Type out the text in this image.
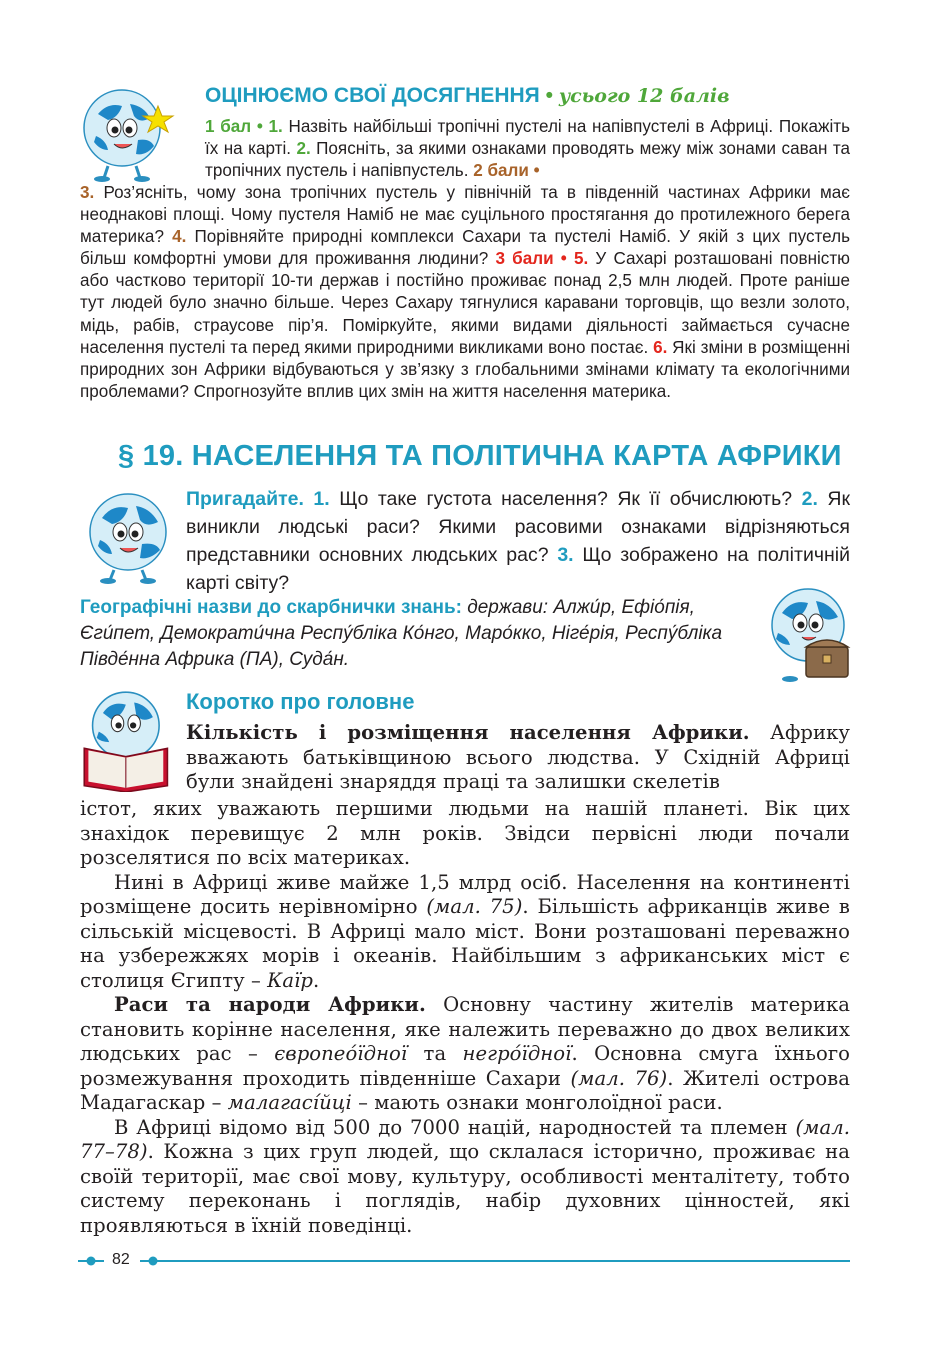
ОЦІНЮЄМО СВОЇ ДОСЯГНЕННЯ • усього 12 балів
1 бал • 1. Назвіть найбільші тропічні пустелі на напівпустелі в Африці. Покажіть їх на карті. 2. Поясніть, за якими ознаками проводять межу між зонами саван та тропічних пустель і напівпустель. 2 бали •
3. Роз’ясніть, чому зона тропічних пустель у північній та в південній частинах Африки має неоднакові площі. Чому пустеля Наміб не має суцільного простягання до протилежного берега материка? 4. Порівняйте природні комплекси Сахари та пустелі Наміб. У якій з цих пустель більш комфортні умови для проживання людини? 3 бали • 5. У Сахарі розташовані повністю або частково території 10-ти держав і постійно проживає понад 2,5 млн людей. Проте раніше тут людей було значно більше. Через Сахару тягнулися каравани торговців, що везли золото, мідь, рабів, страусове пір’я. Поміркуйте, якими видами діяльності займається сучасне населення пустелі та перед якими природними викликами воно постає. 6. Які зміни в розміщенні природних зон Африки відбуваються у зв’язку з глобальними змінами клімату та екологічними проблемами? Спрогнозуйте вплив цих змін на життя населення материка.
§ 19. НАСЕЛЕННЯ ТА ПОЛІТИЧНА КАРТА АФРИКИ
Пригадайте. 1. Що таке густота населення? Як її обчислюють? 2. Як виникли людські раси? Якими расовими ознаками відрізняються представники основних людських рас? 3. Що зображено на політичній карті світу?
Географічні назви до скарбнички знань: держави: Алжи́р, Ефіо́пія, Єги́пет, Демократи́чна Респу́бліка Ко́нго, Маро́кко, Ніге́рія, Респу́бліка Півде́нна Африка (ПА), Суда́н.
Коротко про головне
Кількість і розміщення населення Африки. Африку вважають батьківщиною всього людства. У Східній Африці були знайдені знаряддя праці та залишки скелетів

істот, яких уважають першими людьми на нашій планеті. Вік цих знахідок перевищує 2 млн років. Звідси первісні люди почали розселятися по всіх материках.

Нині в Африці живе майже 1,5 млрд осіб. Населення на континенті розміщене досить нерівномірно (мал. 75). Більшість африканців живе в сільській місцевості. В Африці мало міст. Вони розташовані переважно на узбережжях морів і океанів. Найбільшим з африканських міст є столиця Єгипту – Каїр.

Раси та народи Африки. Основну частину жителів материка становить корінне населення, яке належить переважно до двох великих людських рас – європео́їдної та негро́їдної. Основна смуга їхнього розмежування проходить південніше Сахари (мал. 76). Жителі острова Мадагаскар – малагасі́йці – мають ознаки монголоїдної раси.

В Африці відомо від 500 до 7000 націй, народностей та племен (мал. 77–78). Кожна з цих груп людей, що склалася історично, проживає на своїй території, має свої мову, культуру, особливості менталітету, тобто систему переконань і поглядів, набір духовних цінностей, які проявляються в їхній поведінці.

82
